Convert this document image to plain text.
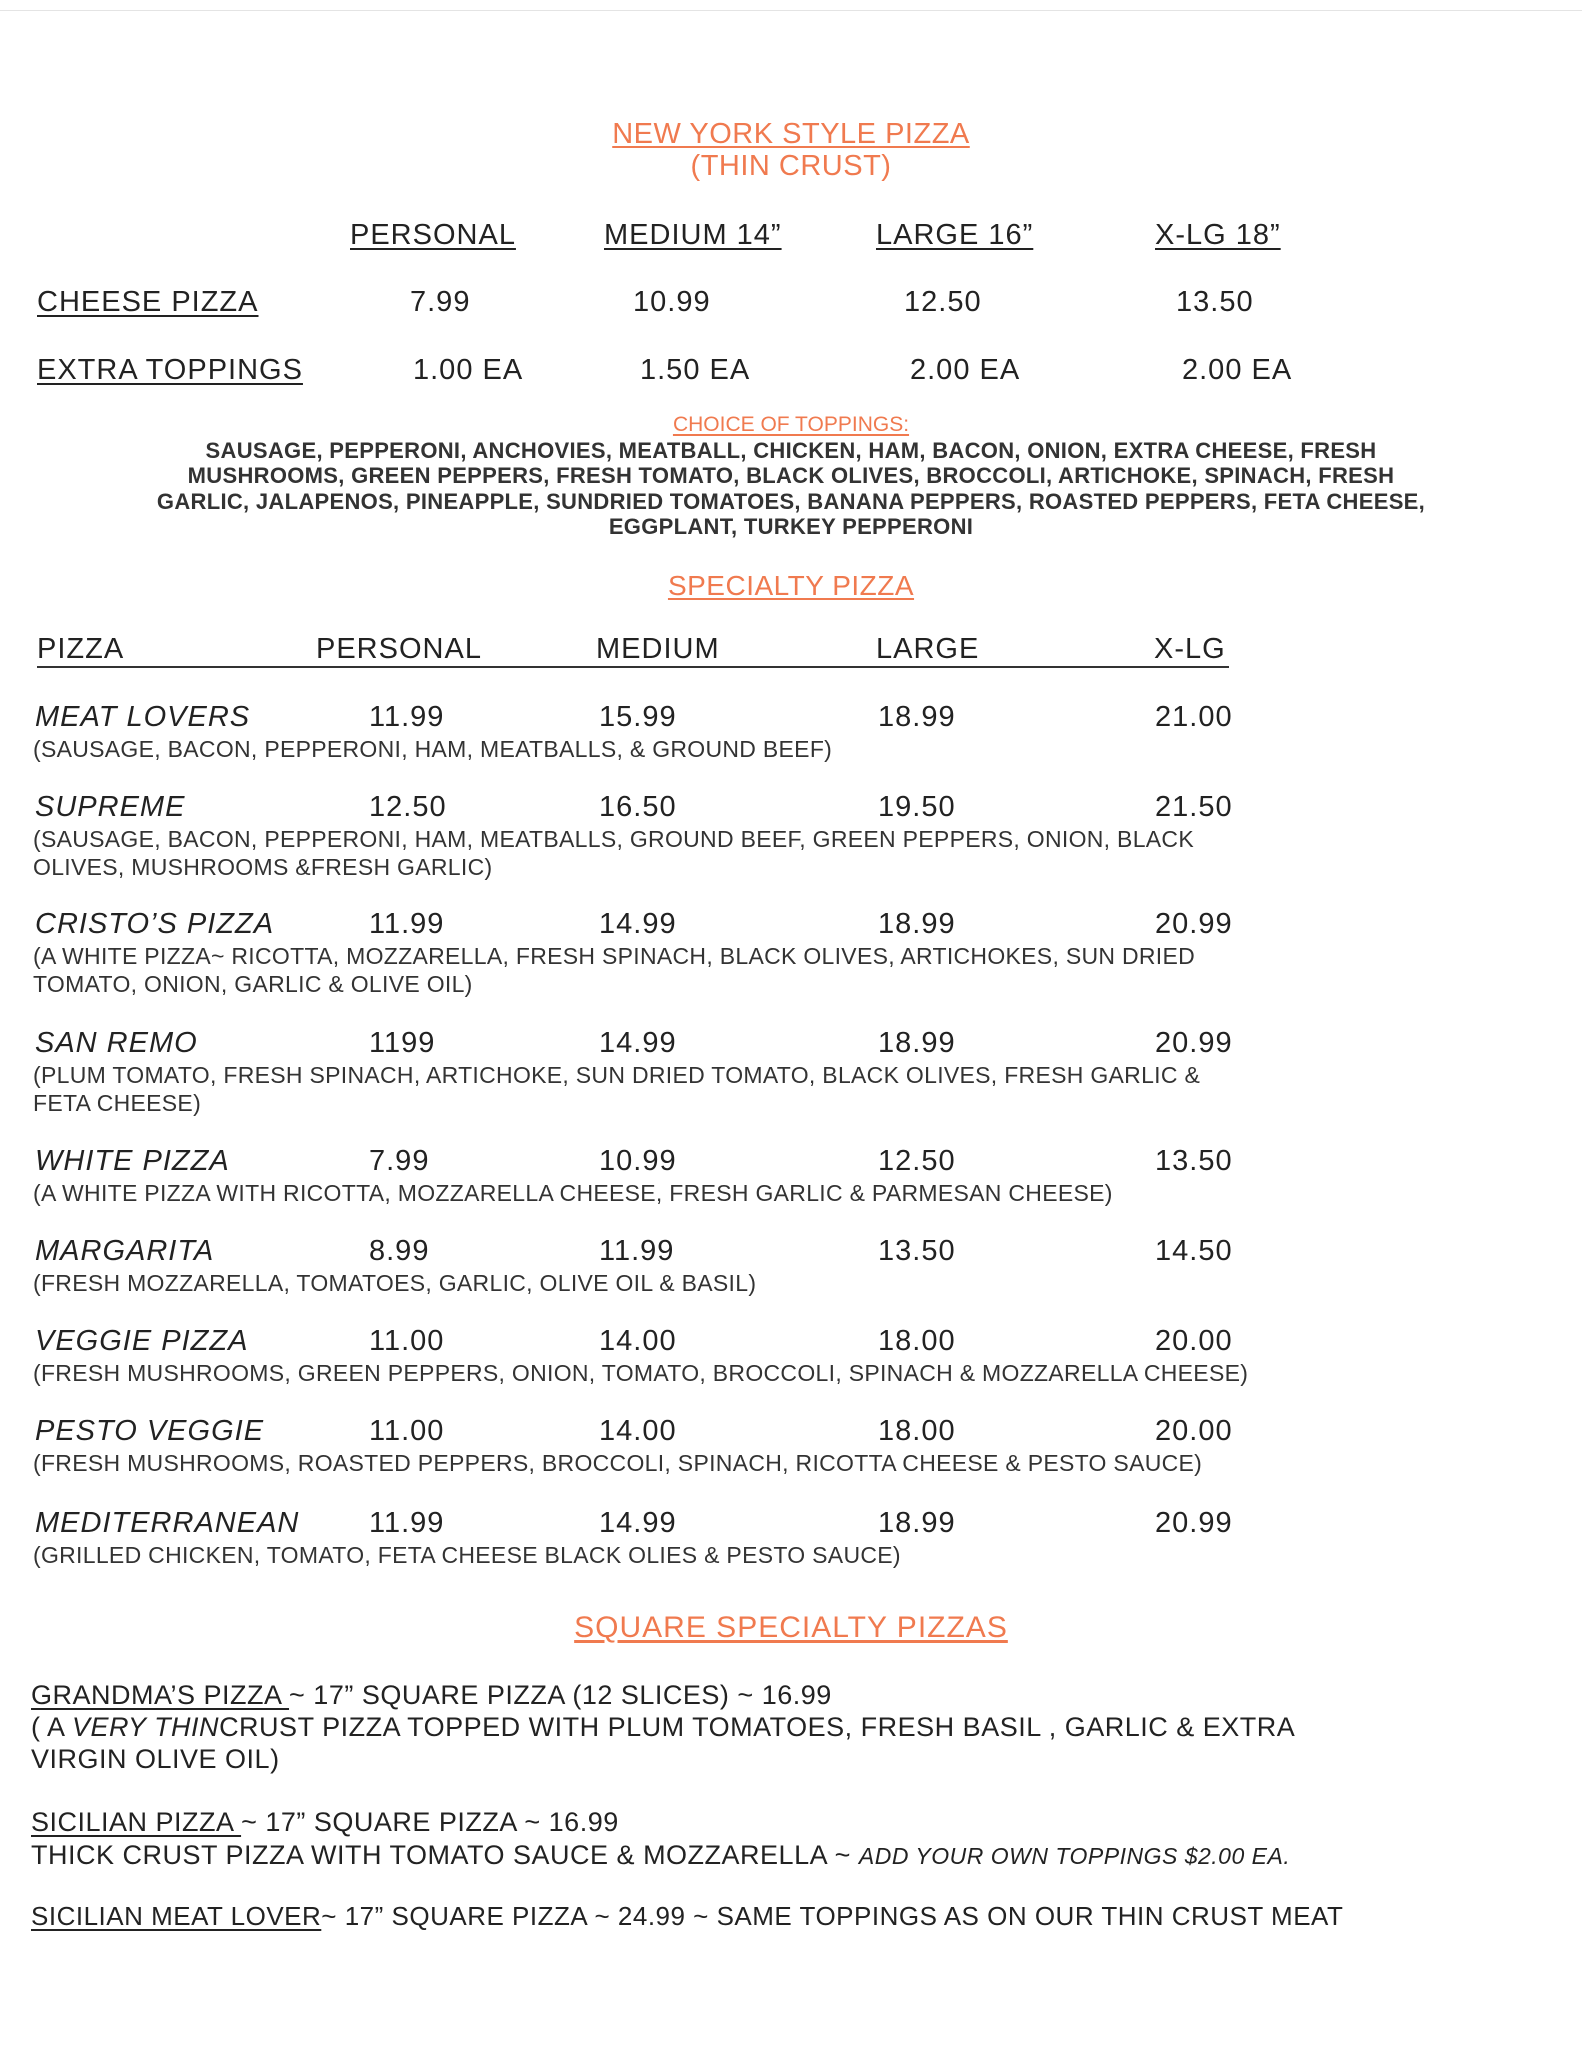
NEW YORK STYLE PIZZA
(THIN CRUST)
PERSONAL	MEDIUM 14”	LARGE 16”	X-LG 18”
CHEESE PIZZA	7.99	10.99	12.50	13.50
EXTRA TOPPINGS	1.00 EA	1.50 EA	2.00 EA	2.00 EA
CHOICE OF TOPPINGS:
SAUSAGE, PEPPERONI, ANCHOVIES, MEATBALL, CHICKEN, HAM, BACON, ONION, EXTRA CHEESE, FRESH
MUSHROOMS, GREEN PEPPERS, FRESH TOMATO, BLACK OLIVES, BROCCOLI, ARTICHOKE, SPINACH, FRESH
GARLIC, JALAPENOS, PINEAPPLE, SUNDRIED TOMATOES, BANANA PEPPERS, ROASTED PEPPERS, FETA CHEESE,
EGGPLANT, TURKEY PEPPERONI
SPECIALTY PIZZA
PIZZA	PERSONAL	MEDIUM	LARGE	X-LG
MEAT LOVERS	11.99	15.99	18.99	21.00
(SAUSAGE, BACON, PEPPERONI, HAM, MEATBALLS, & GROUND BEEF)
SUPREME	12.50	16.50	19.50	21.50
(SAUSAGE, BACON, PEPPERONI, HAM, MEATBALLS, GROUND BEEF, GREEN PEPPERS, ONION, BLACK
OLIVES, MUSHROOMS &FRESH GARLIC)
CRISTO’S PIZZA	11.99	14.99	18.99	20.99
(A WHITE PIZZA~ RICOTTA, MOZZARELLA, FRESH SPINACH, BLACK OLIVES, ARTICHOKES, SUN DRIED
TOMATO, ONION, GARLIC & OLIVE OIL)
SAN REMO	1199	14.99	18.99	20.99
(PLUM TOMATO, FRESH SPINACH, ARTICHOKE, SUN DRIED TOMATO, BLACK OLIVES, FRESH GARLIC &
FETA CHEESE)
WHITE PIZZA	7.99	10.99	12.50	13.50
(A WHITE PIZZA WITH RICOTTA, MOZZARELLA CHEESE, FRESH GARLIC & PARMESAN CHEESE)
MARGARITA	8.99	11.99	13.50	14.50
(FRESH MOZZARELLA, TOMATOES, GARLIC, OLIVE OIL & BASIL)
VEGGIE PIZZA	11.00	14.00	18.00	20.00
(FRESH MUSHROOMS, GREEN PEPPERS, ONION, TOMATO, BROCCOLI, SPINACH & MOZZARELLA CHEESE)
PESTO VEGGIE	11.00	14.00	18.00	20.00
(FRESH MUSHROOMS, ROASTED PEPPERS, BROCCOLI, SPINACH, RICOTTA CHEESE & PESTO SAUCE)
MEDITERRANEAN 11.99	14.99	18.99	20.99
(GRILLED CHICKEN, TOMATO, FETA CHEESE BLACK OLIES & PESTO SAUCE)
SQUARE SPECIALTY PIZZAS
GRANDMA’S PIZZA ~ 17” SQUARE PIZZA (12 SLICES) ~ 16.99
( A VERY THINCRUST PIZZA TOPPED WITH PLUM TOMATOES, FRESH BASIL , GARLIC & EXTRA
VIRGIN OLIVE OIL)
SICILIAN PIZZA ~ 17” SQUARE PIZZA ~ 16.99
THICK CRUST PIZZA WITH TOMATO SAUCE & MOZZARELLA ~ ADD YOUR OWN TOPPINGS $2.00 EA.
SICILIAN MEAT LOVER~ 17” SQUARE PIZZA ~ 24.99 ~ SAME TOPPINGS AS ON OUR THIN CRUST MEAT
